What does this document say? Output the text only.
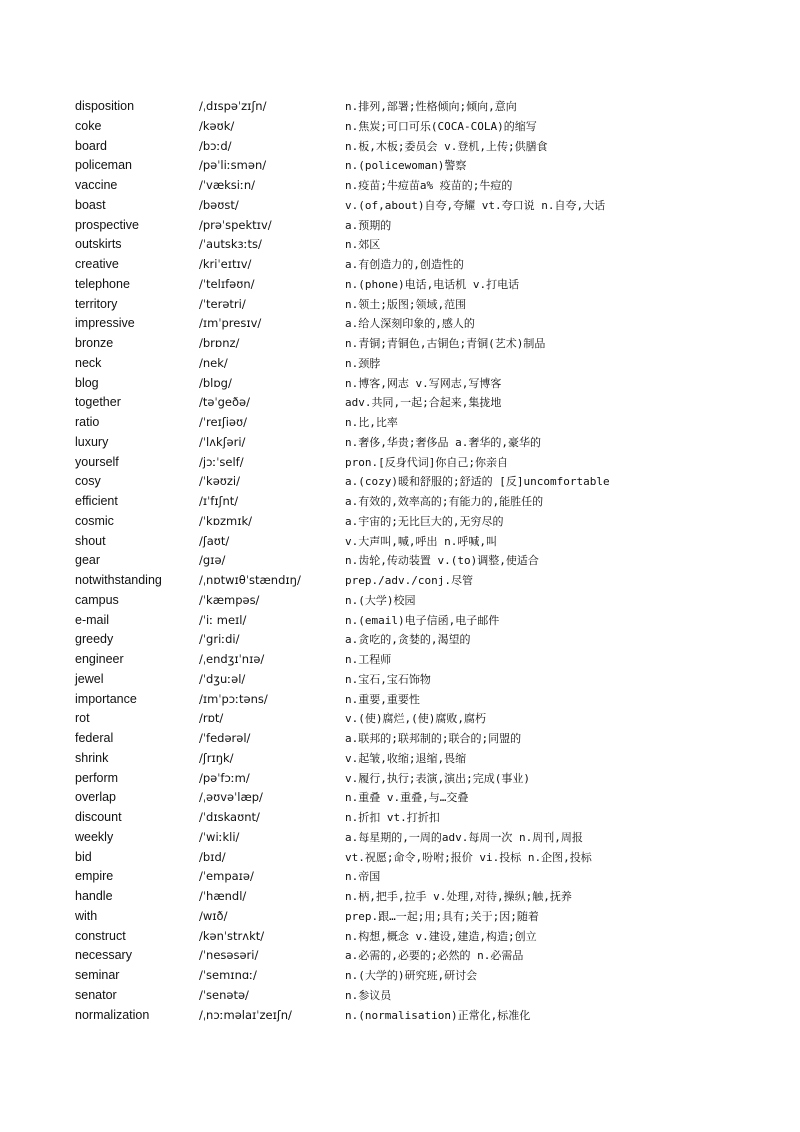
disposition	/ˌdɪspəˈzɪʃn/	n.排列,部署;性格倾向;倾向,意向
coke	/kəʊk/	n.焦炭;可口可乐(COCA-COLA)的缩写
board	/bɔːd/	n.板,木板;委员会 v.登机,上传;供膳食
policeman	/pəˈliːsmən/	n.(policewoman)警察
vaccine	/ˈvæksiːn/	n.疫苗;牛痘苗a% 疫苗的;牛痘的
boast	/bəʊst/	v.(of,about)自夸,夸耀 vt.夸口说 n.自夸,大话
prospective	/prəˈspektɪv/	a.预期的
outskirts	/ˈautskɜːts/	n.郊区
creative	/kriˈeɪtɪv/	a.有创造力的,创造性的
telephone	/ˈtelɪfəʊn/	n.(phone)电话,电话机 v.打电话
territory	/ˈterətri/	n.领土;版图;领域,范围
impressive	/ɪmˈpresɪv/	a.给人深刻印象的,感人的
bronze	/brɒnz/	n.青铜;青铜色,古铜色;青铜(艺术)制品
neck	/nek/	n.颈脖
blog	/blɒg/	n.博客,网志 v.写网志,写博客
together	/təˈgeðə/	adv.共同,一起;合起来,集拢地
ratio	/ˈreɪʃiəʊ/	n.比,比率
luxury	/ˈlʌkʃəri/	n.奢侈,华贵;奢侈品 a.奢华的,豪华的
yourself	/jɔːˈself/	pron.[反身代词]你自己;你亲自
cosy	/ˈkəʊzi/	a.(cozy)暖和舒服的;舒适的 [反]uncomfortable
efficient	/ɪˈfɪʃnt/	a.有效的,效率高的;有能力的,能胜任的
cosmic	/ˈkɒzmɪk/	a.宇宙的;无比巨大的,无穷尽的
shout	/ʃaʊt/	v.大声叫,喊,呼出 n.呼喊,叫
gear	/gɪə/	n.齿轮,传动装置 v.(to)调整,使适合
notwithstanding	/ˌnɒtwɪθˈstændɪŋ/	prep./adv./conj.尽管
campus	/ˈkæmpəs/	n.(大学)校园
e-mail	/ˈiː meɪl/	n.(email)电子信函,电子邮件
greedy	/ˈgriːdi/	a.贪吃的,贪婪的,渴望的
engineer	/ˌendʒɪˈnɪə/	n.工程师
jewel	/ˈdʒuːəl/	n.宝石,宝石饰物
importance	/ɪmˈpɔːtəns/	n.重要,重要性
rot	/rɒt/	v.(使)腐烂,(使)腐败,腐朽
federal	/ˈfedərəl/	a.联邦的;联邦制的;联合的;同盟的
shrink	/ʃrɪŋk/	v.起皱,收缩;退缩,畏缩
perform	/pəˈfɔːm/	v.履行,执行;表演,演出;完成(事业)
overlap	/ˌəʊvəˈlæp/	n.重叠 v.重叠,与…交叠
discount	/ˈdɪskaʊnt/	n.折扣 vt.打折扣
weekly	/ˈwiːkli/	a.每星期的,一周的adv.每周一次 n.周刊,周报
bid	/bɪd/	vt.祝愿;命令,吩咐;报价 vi.投标 n.企图,投标
empire	/ˈempaɪə/	n.帝国
handle	/ˈhændl/	n.柄,把手,拉手 v.处理,对待,操纵;触,抚养
with	/wɪð/	prep.跟…一起;用;具有;关于;因;随着
construct	/kənˈstrʌkt/	n.构想,概念 v.建设,建造,构造;创立
necessary	/ˈnesəsəri/	a.必需的,必要的;必然的 n.必需品
seminar	/ˈsemɪnɑː/	n.(大学的)研究班,研讨会
senator	/ˈsenətə/	n.参议员
normalization	/ˌnɔːməlaɪˈzeɪʃn/	n.(normalisation)正常化,标准化
